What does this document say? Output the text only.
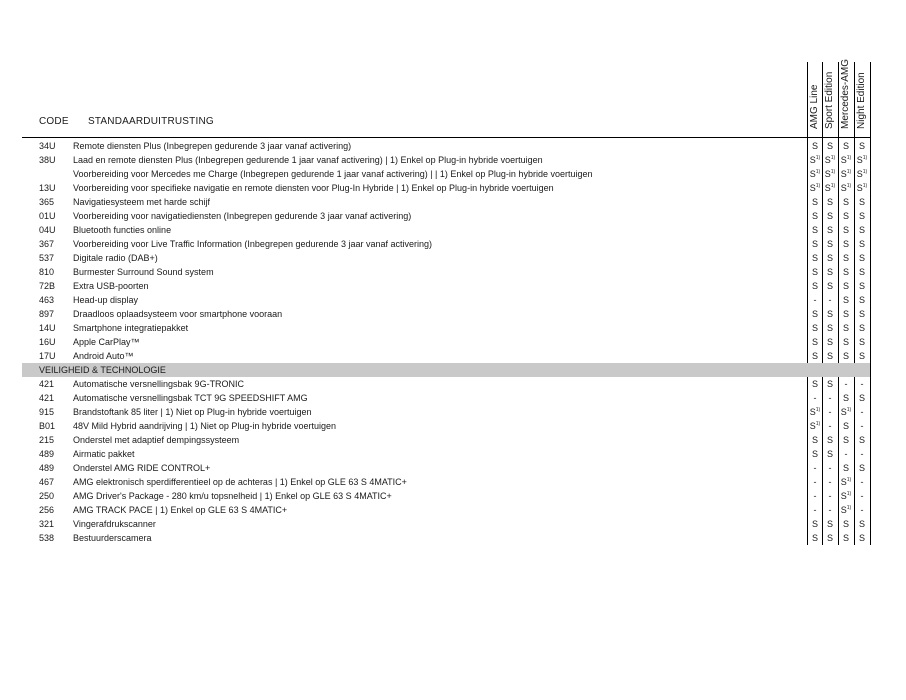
AMG Line Sport Edition Mercedes-AMG Night Edition
CODE STANDAARDUITRUSTING
34U Remote diensten Plus (Inbegrepen gedurende 3 jaar vanaf activering)	S S	S	S
38U Laad en remote diensten Plus (Inbegrepen gedurende 1 jaar vanaf activering) | 1) Enkel op Plug-in hybride voertuigen	$S^{1)}$ $S^{1)}$ $S^{1)}$ $S^{1)}$
Voorbereiding voor Mercedes me Charge (Inbegrepen gedurende 1 jaar vanaf activering) | | 1) Enkel op Plug-in hybride voertuigen	$S^{1)}$ $S^{1)}$ $S^{1)}$ $S^{1)}$
13U Voorbereiding voor specifieke navigatie en remote diensten voor Plug-In Hybride | 1) Enkel op Plug-in hybride voertuigen	$S^{1)}$ $S^{1)}$ $S^{1)}$ $S^{1)}$
365 Navigatiesysteem met harde schijf	S S	S	S
01U Voorbereiding voor navigatiediensten (Inbegrepen gedurende 3 jaar vanaf activering)	S S	S	S
04U Bluetooth functies online	S S	S	S
367 Voorbereiding voor Live Traffic Information (Inbegrepen gedurende 3 jaar vanaf activering)	S S	S	S
537 Digitale radio (DAB+)	S S	S	S
810 Burmester Surround Sound system	S S	S	S
72B Extra USB-poorten	S S	S	S
463 Head-up display	-	-	S	S
897 Draadloos oplaadsysteem voor smartphone vooraan	S S	S	S
14U Smartphone integratiepakket	S S	S	S
16U Apple CarPlay™	S S	S	S
17U Android Auto™	S S	S	S
VEILIGHEID & TECHNOLOGIE
421 Automatische versnellingsbak 9G-TRONIC	S S	-	-
421 Automatische versnellingsbak TCT 9G SPEEDSHIFT AMG	-	-	S	S
915 Brandstoftank 85 liter | 1) Niet op Plug-in hybride voertuigen	$S^{1)}$ -	$S^{1)}$	-
B01 48V Mild Hybrid aandrijving | 1) Niet op Plug-in hybride voertuigen	$S^{1)}$ -	S	-
215 Onderstel met adaptief dempingssysteem	S S	S	S
489 Airmatic pakket	S S	-	-
489 Onderstel AMG RIDE CONTROL+	-	-	S	S
467 AMG elektronisch sperdifferentieel op de achteras | 1) Enkel op GLE 63 S 4MATIC+	-	-	$S^{1)}$	-
250 AMG Driver's Package - 280 km/u topsnelheid | 1) Enkel op GLE 63 S 4MATIC+	-	-	$S^{1)}$	-
256 AMG TRACK PACE | 1) Enkel op GLE 63 S 4MATIC+	-	-	$S^{1)}$	-
321 Vingerafdrukscanner	S S	S	S
538 Bestuurderscamera	S S	S	S
